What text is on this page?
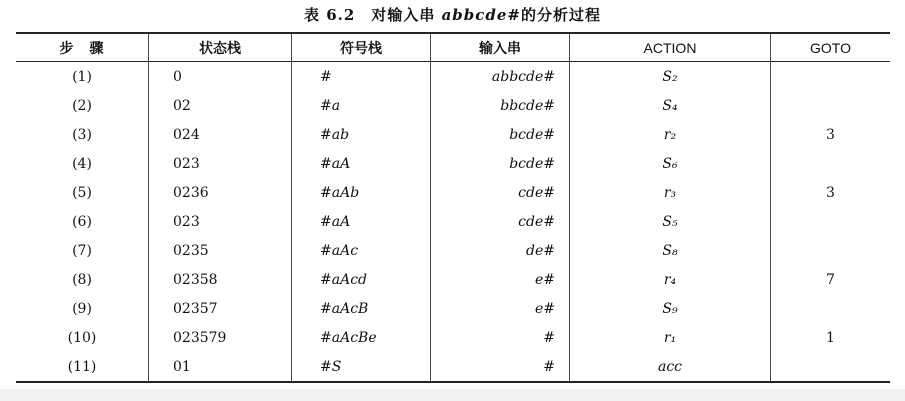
表 6.2　 对输入串 abbcde#的分析过程
步　骤	状态栈	符号栈	输入串	ACTION	GOTO
(1)	0	#	abbcde#	S₂	
(2)	02	#a	bbcde#	S₄	
(3)	024	#ab	bcde#	r₂	3
(4)	023	#aA	bcde#	S₆	
(5)	0236	#aAb	cde#	r₃	3
(6)	023	#aA	cde#	S₅	
(7)	0235	#aAc	de#	S₈	
(8)	02358	#aAcd	e#	r₄	7
(9)	02357	#aAcB	e#	S₉	
(10)	023579	#aAcBe	#	r₁	1
(11)	01	#S	#	acc	
